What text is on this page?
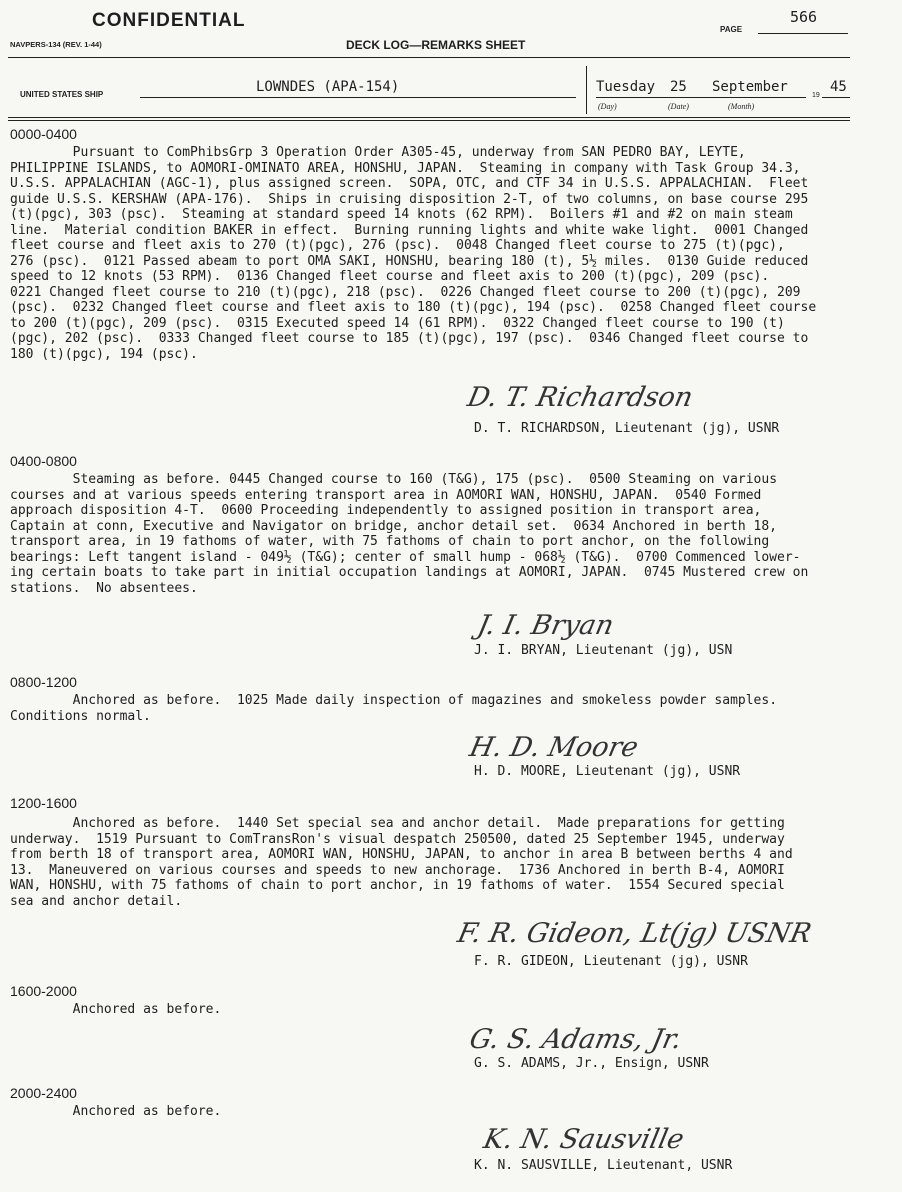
CONFIDENTIAL	PAGE
566
NAVPERS-134 (REV. 1-44)	DECK LOG—REMARKS SHEET
UNITED STATES SHIP	LOWNDES (APA-154)	Tuesday 25 September
19
45
(Day)	(Date)	(Month)
0000-0400
Pursuant to ComPhibsGrp 3 Operation Order A305-45, underway from SAN PEDRO BAY, LEYTE,
PHILIPPINE ISLANDS, to AOMORI-OMINATO AREA, HONSHU, JAPAN.  Steaming in company with Task Group 34.3,
U.S.S. APPALACHIAN (AGC-1), plus assigned screen.  SOPA, OTC, and CTF 34 in U.S.S. APPALACHIAN.  Fleet
guide U.S.S. KERSHAW (APA-176).  Ships in cruising disposition 2-T, of two columns, on base course 295
(t)(pgc), 303 (psc).  Steaming at standard speed 14 knots (62 RPM).  Boilers #1 and #2 on main steam
line.  Material condition BAKER in effect.  Burning running lights and white wake light.  0001 Changed
fleet course and fleet axis to 270 (t)(pgc), 276 (psc).  0048 Changed fleet course to 275 (t)(pgc),
276 (psc).  0121 Passed abeam to port OMA SAKI, HONSHU, bearing 180 (t), 5½ miles.  0130 Guide reduced
speed to 12 knots (53 RPM).  0136 Changed fleet course and fleet axis to 200 (t)(pgc), 209 (psc).
0221 Changed fleet course to 210 (t)(pgc), 218 (psc).  0226 Changed fleet course to 200 (t)(pgc), 209
(psc).  0232 Changed fleet course and fleet axis to 180 (t)(pgc), 194 (psc).  0258 Changed fleet course
to 200 (t)(pgc), 209 (psc).  0315 Executed speed 14 (61 RPM).  0322 Changed fleet course to 190 (t)
(pgc), 202 (psc).  0333 Changed fleet course to 185 (t)(pgc), 197 (psc).  0346 Changed fleet course to
180 (t)(pgc), 194 (psc).
D. T. Richardson
D. T. RICHARDSON, Lieutenant (jg), USNR
0400-0800
Steaming as before. 0445 Changed course to 160 (T&G), 175 (psc).  0500 Steaming on various
courses and at various speeds entering transport area in AOMORI WAN, HONSHU, JAPAN.  0540 Formed
approach disposition 4-T.  0600 Proceeding independently to assigned position in transport area,
Captain at conn, Executive and Navigator on bridge, anchor detail set.  0634 Anchored in berth 18,
transport area, in 19 fathoms of water, with 75 fathoms of chain to port anchor, on the following
bearings: Left tangent island - 049½ (T&G); center of small hump - 068½ (T&G).  0700 Commenced lower-
ing certain boats to take part in initial occupation landings at AOMORI, JAPAN.  0745 Mustered crew on
stations.  No absentees.
J. I. Bryan
J. I. BRYAN, Lieutenant (jg), USN
0800-1200
Anchored as before.  1025 Made daily inspection of magazines and smokeless powder samples.
Conditions normal.
H. D. Moore
H. D. MOORE, Lieutenant (jg), USNR
1200-1600
Anchored as before.  1440 Set special sea and anchor detail.  Made preparations for getting
underway.  1519 Pursuant to ComTransRon's visual despatch 250500, dated 25 September 1945, underway
from berth 18 of transport area, AOMORI WAN, HONSHU, JAPAN, to anchor in area B between berths 4 and
13.  Maneuvered on various courses and speeds to new anchorage.  1736 Anchored in berth B-4, AOMORI
WAN, HONSHU, with 75 fathoms of chain to port anchor, in 19 fathoms of water.  1554 Secured special
sea and anchor detail.
F. R. Gideon, Lt(jg) USNR
F. R. GIDEON, Lieutenant (jg), USNR
1600-2000
Anchored as before.
G. S. Adams, Jr.
G. S. ADAMS, Jr., Ensign, USNR
2000-2400
Anchored as before.
K. N. Sausville
K. N. SAUSVILLE, Lieutenant, USNR
